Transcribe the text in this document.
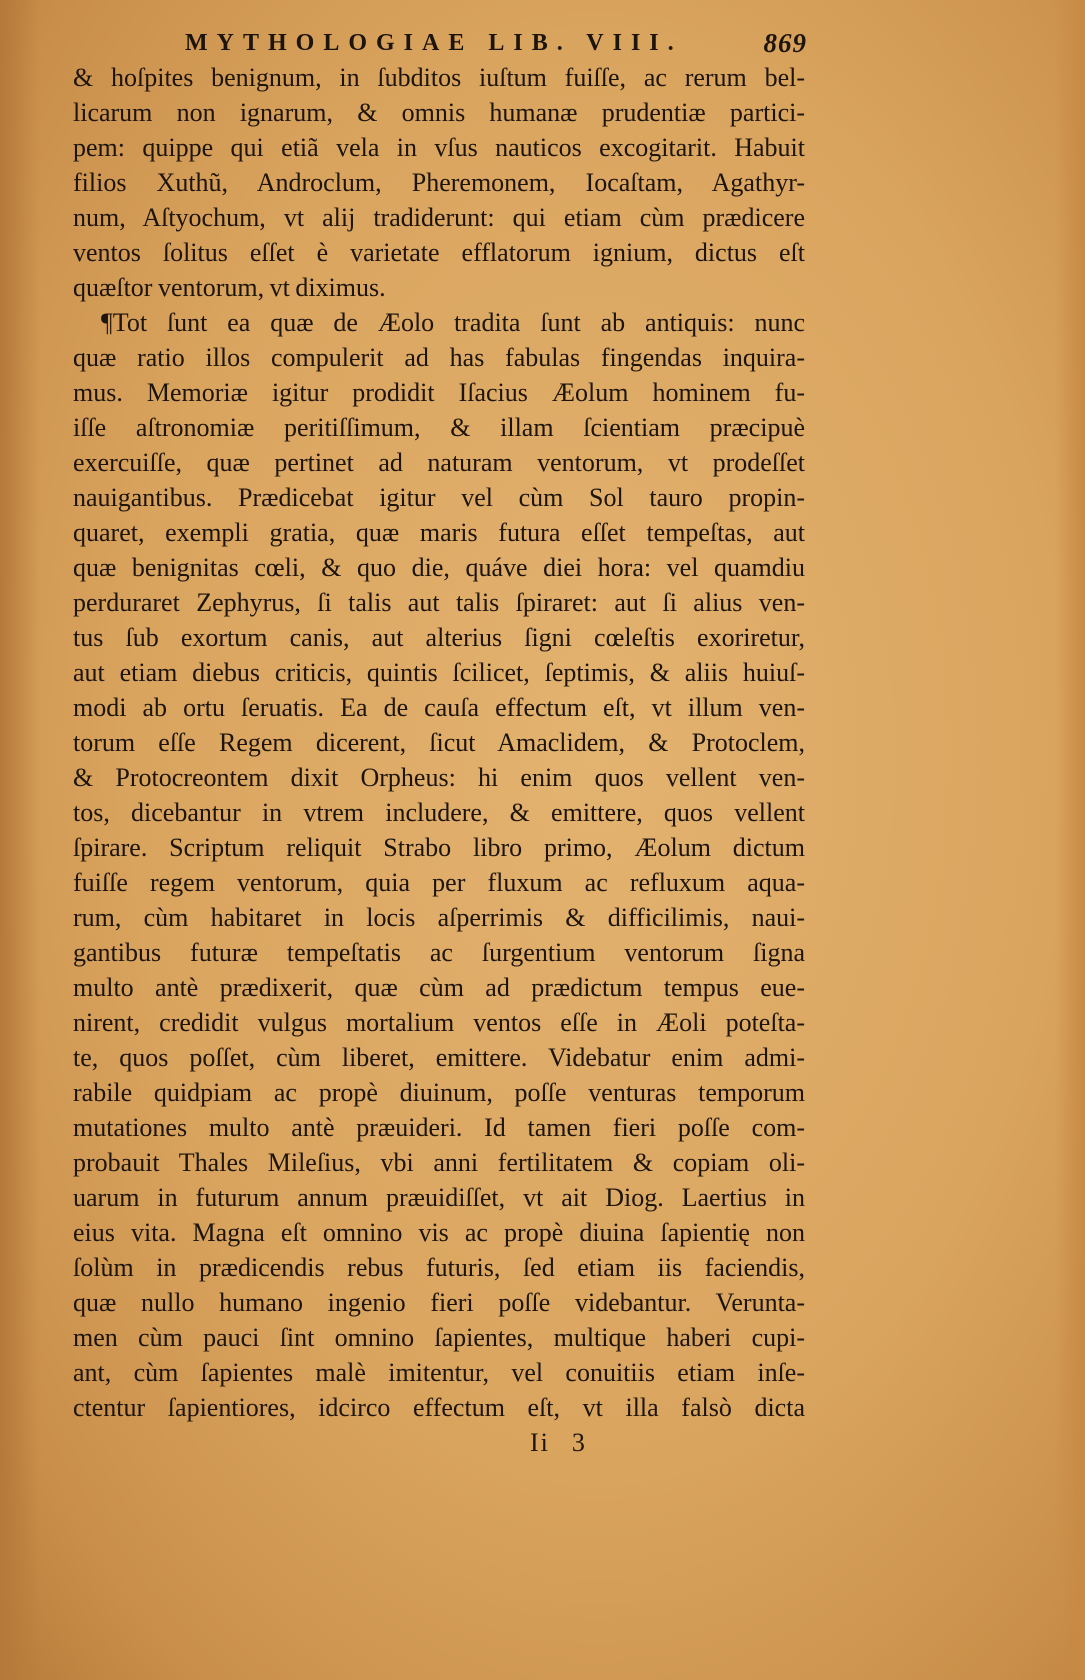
MYTHOLOGIAE LIB. VIII.	869
& hoſpites benignum, in ſubditos iuſtum fuiſſe, ac rerum bel-
licarum non ignarum, & omnis humanæ prudentiæ partici-
pem: quippe qui etiã vela in vſus nauticos excogitarit. Habuit
filios Xuthũ, Androclum, Pheremonem, Iocaſtam, Agathyr-
num, Aſtyochum, vt alij tradiderunt: qui etiam cùm prædicere
ventos ſolitus eſſet è varietate efflatorum ignium, dictus eſt
quæſtor ventorum, vt diximus.
¶Tot ſunt ea quæ de Æolo tradita ſunt ab antiquis: nunc
quæ ratio illos compulerit ad has fabulas fingendas inquira-
mus. Memoriæ igitur prodidit Iſacius Æolum hominem fu-
iſſe aſtronomiæ peritiſſimum, & illam ſcientiam præcipuè
exercuiſſe, quæ pertinet ad naturam ventorum, vt prodeſſet
nauigantibus. Prædicebat igitur vel cùm Sol tauro propin-
quaret, exempli gratia, quæ maris futura eſſet tempeſtas, aut
quæ benignitas cœli, & quo die, quáve diei hora: vel quamdiu
perduraret Zephyrus, ſi talis aut talis ſpiraret: aut ſi alius ven-
tus ſub exortum canis, aut alterius ſigni cœleſtis exoriretur,
aut etiam diebus criticis, quintis ſcilicet, ſeptimis, & aliis huiuſ-
modi ab ortu ſeruatis. Ea de cauſa effectum eſt, vt illum ven-
torum eſſe Regem dicerent, ſicut Amaclidem, & Protoclem,
& Protocreontem dixit Orpheus: hi enim quos vellent ven-
tos, dicebantur in vtrem includere, & emittere, quos vellent
ſpirare. Scriptum reliquit Strabo libro primo, Æolum dictum
fuiſſe regem ventorum, quia per fluxum ac refluxum aqua-
rum, cùm habitaret in locis aſperrimis & difficilimis, naui-
gantibus futuræ tempeſtatis ac ſurgentium ventorum ſigna
multo antè prædixerit, quæ cùm ad prædictum tempus eue-
nirent, credidit vulgus mortalium ventos eſſe in Æoli poteſta-
te, quos poſſet, cùm liberet, emittere. Videbatur enim admi-
rabile quidpiam ac propè diuinum, poſſe venturas temporum
mutationes multo antè præuideri. Id tamen fieri poſſe com-
probauit Thales Mileſius, vbi anni fertilitatem & copiam oli-
uarum in futurum annum præuidiſſet, vt ait Diog. Laertius in
eius vita. Magna eſt omnino vis ac propè diuina ſapientię non
ſolùm in prædicendis rebus futuris, ſed etiam iis faciendis,
quæ nullo humano ingenio fieri poſſe videbantur. Verunta-
men cùm pauci ſint omnino ſapientes, multique haberi cupi-
ant, cùm ſapientes malè imitentur, vel conuitiis etiam inſe-
ctentur ſapientiores, idcirco effectum eſt, vt illa falsò dicta
Ii 3
